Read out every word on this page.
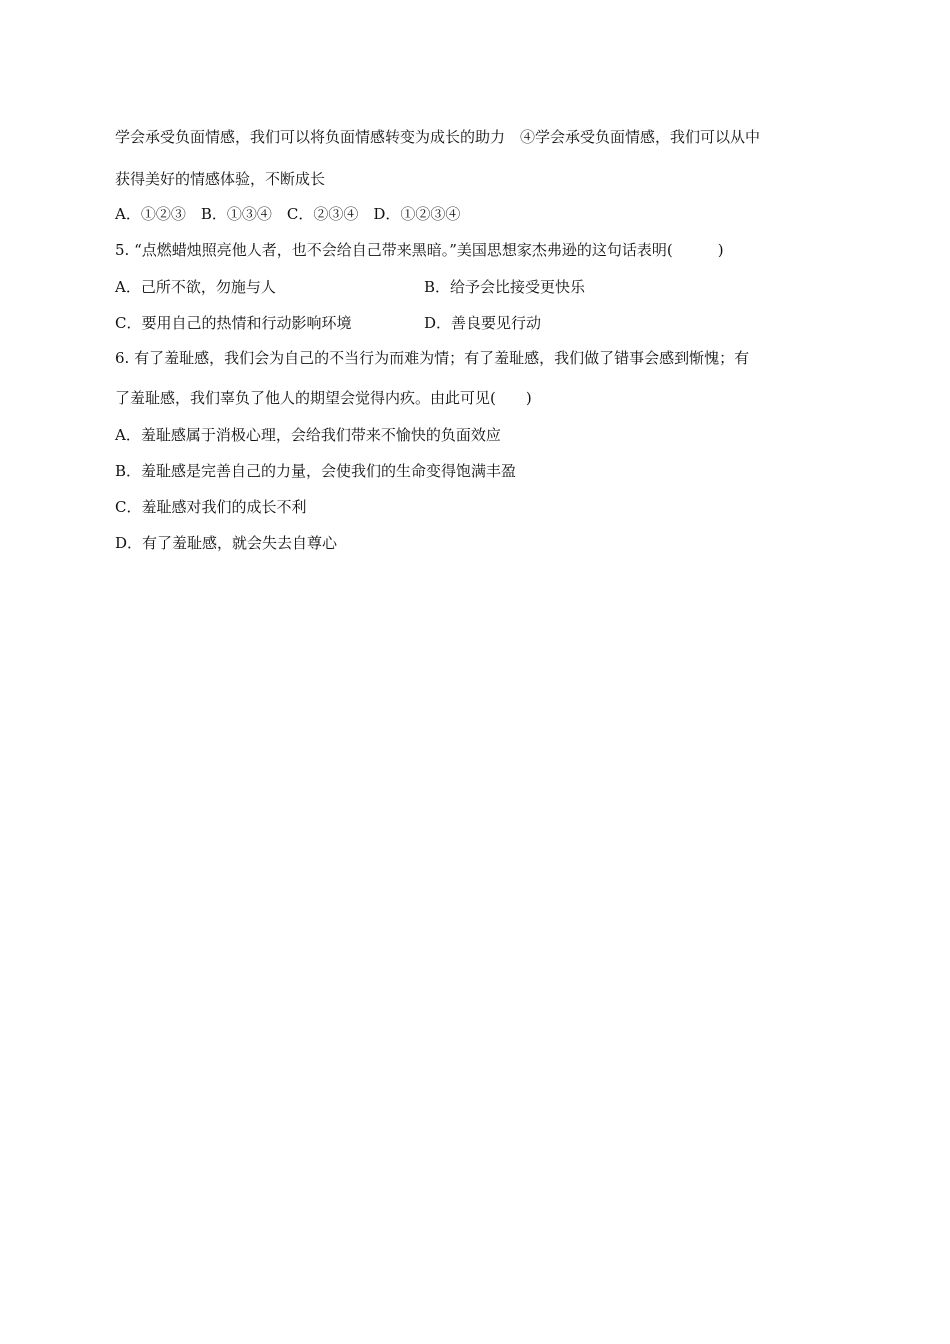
学会承受负面情感，我们可以将负面情感转变为成长的助力　④学会承受负面情感，我们可以从中

获得美好的情感体验，不断成长

A．①②③　B．①③④　C．②③④　D．①②③④

5. “点燃蜡烛照亮他人者，也不会给自己带来黑暗。”美国思想家杰弗逊的这句话表明(　　　)

A．己所不欲，勿施与人	B．给予会比接受更快乐

C．要用自己的热情和行动影响环境	D．善良要见行动

6. 有了羞耻感，我们会为自己的不当行为而难为情；有了羞耻感，我们做了错事会感到惭愧；有

了羞耻感，我们辜负了他人的期望会觉得内疚。由此可见(　　)

A．羞耻感属于消极心理，会给我们带来不愉快的负面效应

B．羞耻感是完善自己的力量，会使我们的生命变得饱满丰盈

C．羞耻感对我们的成长不利

D．有了羞耻感，就会失去自尊心
